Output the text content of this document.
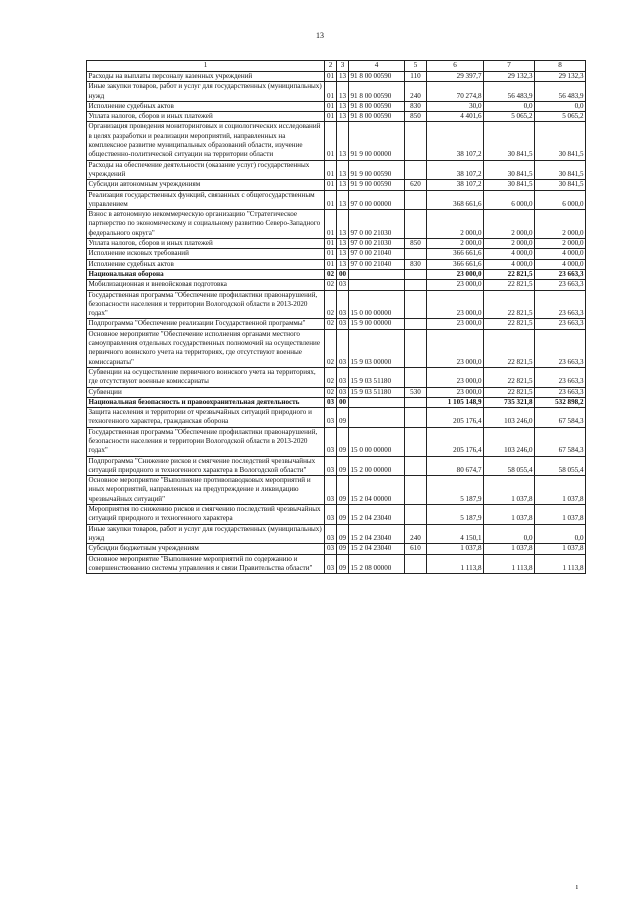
13
1	2	3	4	5	6	7	8
Расходы на выплаты персоналу казенных учреждений	01	13	91 8 00 00590	110	29 397,7	29 132,3	29 132,3
Иные закупки товаров, работ и услуг для государственных (муниципальных) нужд	01	13	91 8 00 00590	240	70 274,8	56 483,9	56 483,9
Исполнение судебных актов	01	13	91 8 00 00590	830	30,0	0,0	0,0
Уплата налогов, сборов и иных платежей	01	13	91 8 00 00590	850	4 401,6	5 065,2	5 065,2
Организация проведения мониторинговых и социологических исследований в целях разработки и реализации мероприятий, направленных на комплексное развитие муниципальных образований области, изучение общественно-политической ситуации на территории области	01	13	91 9 00 00000		38 107,2	30 841,5	30 841,5
Расходы на обеспечение деятельности (оказание услуг) государственных учреждений	01	13	91 9 00 00590		38 107,2	30 841,5	30 841,5
Субсидии автономным учреждениям	01	13	91 9 00 00590	620	38 107,2	30 841,5	30 841,5
Реализация государственных функций, связанных с общегосударственным управлением	01	13	97 0 00 00000		368 661,6	6 000,0	6 000,0
Взнос в автономную некоммерческую организацию "Стратегическое партнерство по экономическому и социальному развитию Северо-Западного федерального округа"	01	13	97 0 00 21030		2 000,0	2 000,0	2 000,0
Уплата налогов, сборов и иных платежей	01	13	97 0 00 21030	850	2 000,0	2 000,0	2 000,0
Исполнение исковых требований	01	13	97 0 00 21040		366 661,6	4 000,0	4 000,0
Исполнение судебных актов	01	13	97 0 00 21040	830	366 661,6	4 000,0	4 000,0
Национальная оборона	02	00			23 000,0	22 821,5	23 663,3
Мобилизационная и вневойсковая подготовка	02	03			23 000,0	22 821,5	23 663,3
Государственная программа "Обеспечение профилактики правонарушений, безопасности населения и территории Вологодской области в 2013-2020 годах"	02	03	15 0 00 00000		23 000,0	22 821,5	23 663,3
Подпрограмма "Обеспечение реализации Государственной программы"	02	03	15 9 00 00000		23 000,0	22 821,5	23 663,3
Основное мероприятие "Обеспечение исполнения органами местного самоуправления отдельных государственных полномочий на осуществление первичного воинского учета на территориях, где отсутствуют военные комиссариаты"	02	03	15 9 03 00000		23 000,0	22 821,5	23 663,3
Субвенции на осуществление первичного воинского учета на территориях, где отсутствуют военные комиссариаты	02	03	15 9 03 51180		23 000,0	22 821,5	23 663,3
Субвенции	02	03	15 9 03 51180	530	23 000,0	22 821,5	23 663,3
Национальная безопасность и правоохранительная деятельность	03	00			1 105 148,9	735 321,8	532 898,2
Защита населения и территории от чрезвычайных ситуаций природного и техногенного характера, гражданская оборона	03	09			205 176,4	103 246,0	67 584,3
Государственная программа "Обеспечение профилактики правонарушений, безопасности населения и территории Вологодской области в 2013-2020 годах"	03	09	15 0 00 00000		205 176,4	103 246,0	67 584,3
Подпрограмма "Снижение рисков и смягчение последствий чрезвычайных ситуаций природного и техногенного характера в Вологодской области"	03	09	15 2 00 00000		80 674,7	58 055,4	58 055,4
Основное мероприятие "Выполнение противопаводковых мероприятий и иных мероприятий, направленных на предупреждение и ликвидацию чрезвычайных ситуаций"	03	09	15 2 04 00000		5 187,9	1 037,8	1 037,8
Мероприятия по снижению рисков и смягчению последствий чрезвычайных ситуаций природного и техногенного характера	03	09	15 2 04 23040		5 187,9	1 037,8	1 037,8
Иные закупки товаров, работ и услуг для государственных (муниципальных) нужд	03	09	15 2 04 23040	240	4 150,1	0,0	0,0
Субсидии бюджетным учреждениям	03	09	15 2 04 23040	610	1 037,8	1 037,8	1 037,8
Основное мероприятие "Выполнение мероприятий по содержанию и совершенствованию системы управления и связи Правительства области"	03	09	15 2 08 00000		1 113,8	1 113,8	1 113,8
ı
